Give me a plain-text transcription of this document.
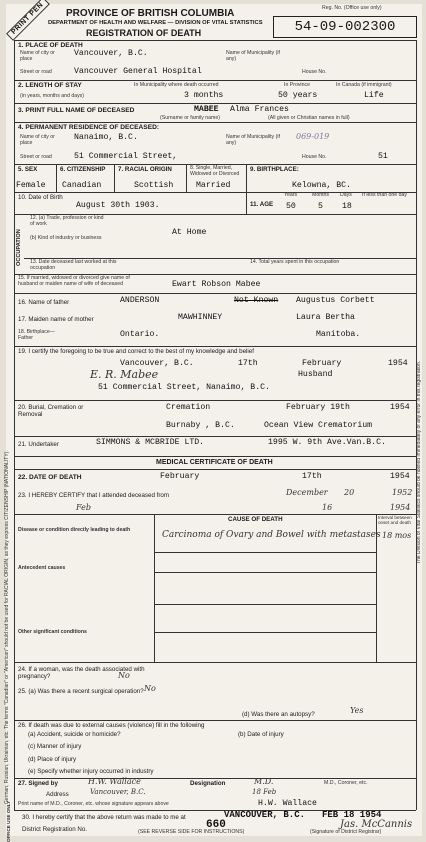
PRINT PEN	Reg. No. (Office use only)
PROVINCE OF BRITISH COLUMBIA
DEPARTMENT OF HEALTH AND WELFARE — DIVISION OF VITAL STATISTICS
REGISTRATION OF DEATH	54-09-002300
German, Russian, Ukrainian, etc. The terms "Canadian" or "American" should not be used for RACIAL ORIGIN, as they express CITIZENSHIP (NATIONALITY).	The Division of Vital Statistics should be notified immediately of any error in this registration.
1. PLACE OF DEATH
Name of city or place
Vancouver, B.C.	Name of Municipality (if any)
Street or road	Vancouver General Hospital	House No.
2. LENGTH OF STAY	In Municipality where death occurred	In Province	In Canada (if immigrant)
(in years, months and days)	3 months	50 years	Life
3. PRINT FULL NAME OF DECEASED	MABEE Alma Frances
(Surname or family name)	(All given or Christian names in full)
4. PERMANENT RESIDENCE OF DECEASED:
Name of city or place
Nanaimo, B.C.	Name of Municipality (if any)
069-019
Street or road	51 Commercial Street,	House No.	51
5. SEX	6. CITIZENSHIP 7. RACIAL ORIGIN	8. Single, Married, Widowed or Divorced
9. BIRTHPLACE:
Female Canadian	Scottish	Married	Kelowna, BC.
10. Date of Birth
August 30th 1903.	11. AGE
Years	Months Days If less than one day
50	5 18
OCCUPATION
12. (a) Trade, profession or kind of work
(b) Kind of industry or business
At Home
13. Date deceased last worked at this occupation
14. Total years spent in this occupation
15. If married, widowed or divorced give name of husband or maiden name of wife of deceased	Ewart Robson Mabee
16. Name of father	ANDERSON	Not Known Augustus Corbett
17. Maiden name of mother	MAWHINNEY	Laura Bertha
18. Birthplace— Father	Ontario.	Manitoba.
19. I certify the foregoing to be true and correct to the best of my knowledge and belief
Vancouver, B.C.	17th	February	1954
E. R. Mabee	Husband
51 Commercial Street, Nanaimo, B.C.
20. Burial, Cremation or Removal
Cremation	February 19th	1954
Burnaby , B.C.	Ocean View Crematorium
21. Undertaker	SIMMONS & MCBRIDE LTD.	1995 W. 9th Ave.Van.B.C.
MEDICAL CERTIFICATE OF DEATH
22. DATE OF DEATH	February	17th	1954
23. I HEREBY CERTIFY that I attended deceased from	December 20	1952
Feb	16	1954
CAUSE OF DEATH	Interval between onset and death
Disease or condition directly leading to death	Carcinoma of Ovary and Bowel with metastases 18 mos
Antecedent causes
Other significant conditions
24. If a woman, was the death associated with pregnancy?	No
25. (a) Was there a recent surgical operation? No
(d) Was there an autopsy?	Yes
26. If death was due to external causes (violence) fill in the following
(a) Accident, suicide or homicide?	(b) Date of injury
(c) Manner of injury
(d) Place of injury
(e) Specify whether injury occurred in industry
27. Signed by	H.W. Wallace	Designation	M.D.	M.D., Coroner, etc.
Address	Vancouver, B.C.	18 Feb
Print name of M.D., Coroner, etc. whose signature appears above	H.W. Wallace
OFFICE USE ONLY 30. I hereby certify that the above return was made to me at	VANCOUVER, B.C. FEB 18 1954
District Registration No.	660	Jas. McCannis
(Signature of District Registrar)
(SEE REVERSE SIDE FOR INSTRUCTIONS)
